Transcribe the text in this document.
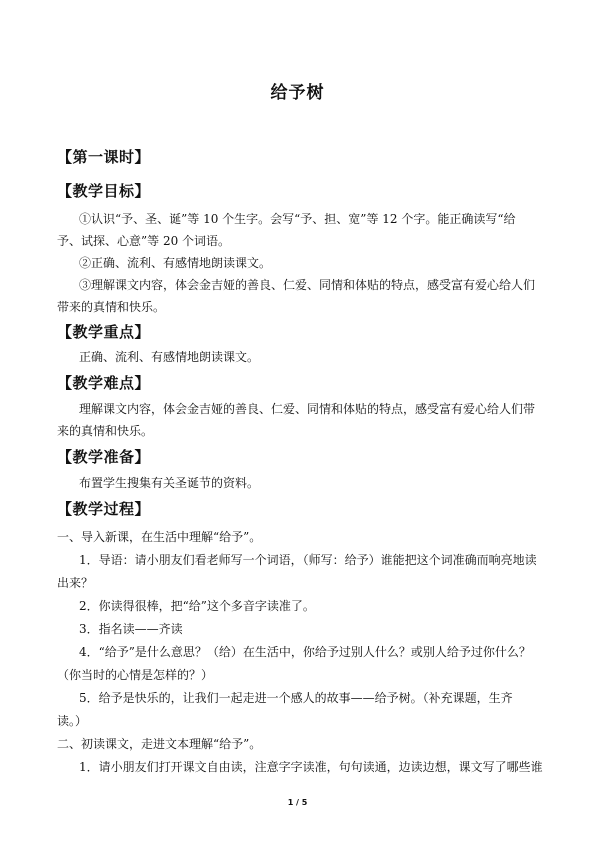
给予树
【第一课时】
【教学目标】
①认识“予、圣、诞”等 10 个生字。会写“予、担、宽”等 12 个字。能正确读写“给
予、试探、心意”等 20 个词语。
②正确、流利、有感情地朗读课文。
③理解课文内容，体会金吉娅的善良、仁爱、同情和体贴的特点，感受富有爱心给人们
带来的真情和快乐。
【教学重点】
正确、流利、有感情地朗读课文。
【教学难点】
理解课文内容，体会金吉娅的善良、仁爱、同情和体贴的特点，感受富有爱心给人们带
来的真情和快乐。
【教学准备】
布置学生搜集有关圣诞节的资料。
【教学过程】
一、导入新课，在生活中理解“给予”。
1．导语：请小朋友们看老师写一个词语，（师写：给予）谁能把这个词准确而响亮地读
出来？
2．你读得很棒，把“给”这个多音字读准了。
3．指名读——齐读
4．“给予”是什么意思？（给）在生活中，你给予过别人什么？或别人给予过你什么？
（你当时的心情是怎样的？）
5．给予是快乐的，让我们一起走进一个感人的故事——给予树。（补充课题，生齐
读。）
二、初读课文，走进文本理解“给予”。
1．请小朋友们打开课文自由读，注意字字读准，句句读通，边读边想，课文写了哪些谁
1 / 5
